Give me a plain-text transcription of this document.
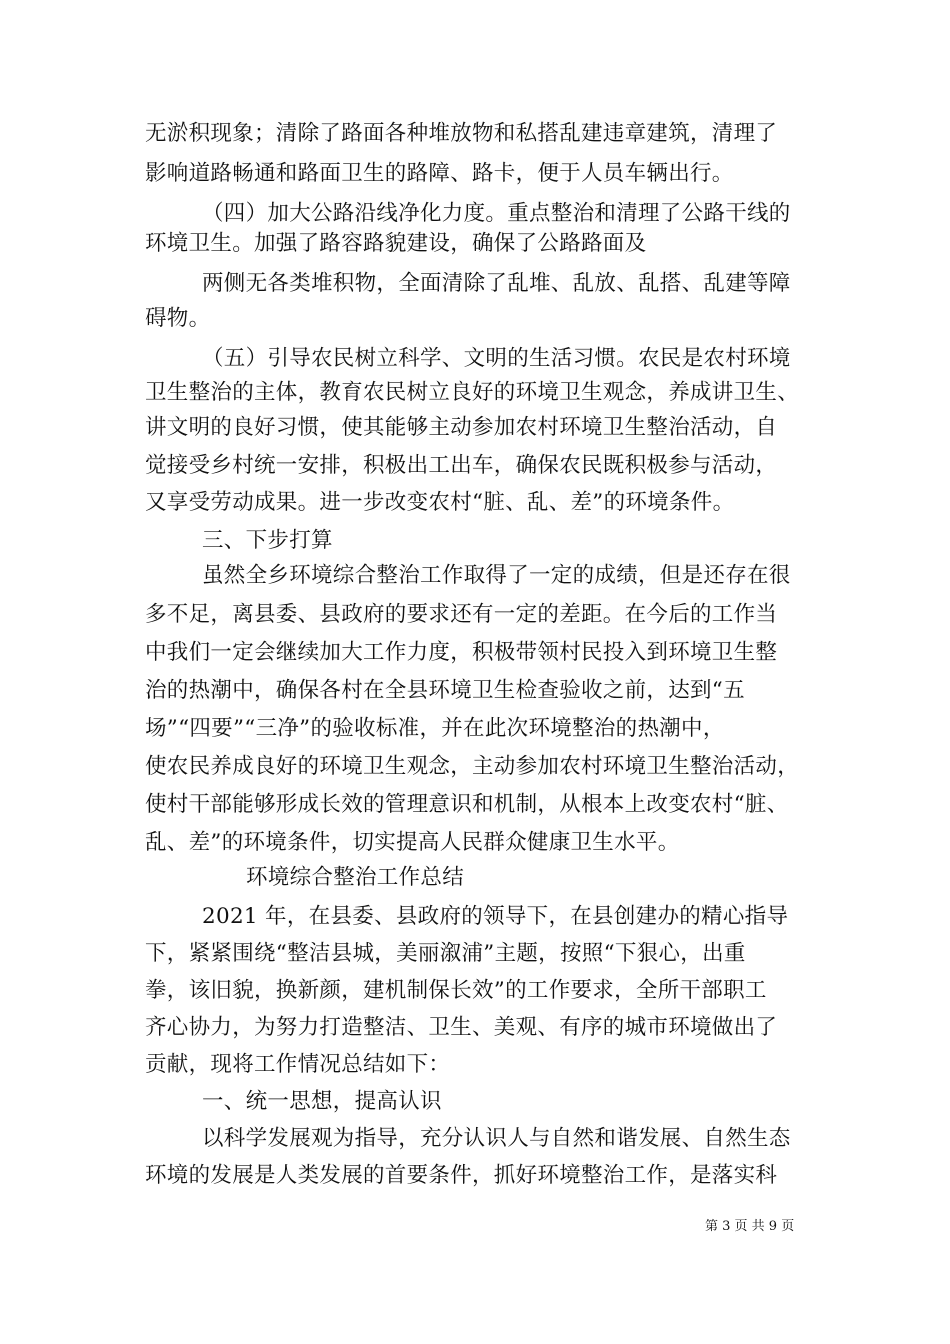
无淤积现象；清除了路面各种堆放物和私搭乱建违章建筑，清理了

影响道路畅通和路面卫生的路障、路卡，便于人员车辆出行。

（四）加大公路沿线净化力度。重点整治和清理了公路干线的

环境卫生。加强了路容路貌建设，确保了公路路面及

两侧无各类堆积物，全面清除了乱堆、乱放、乱搭、乱建等障

碍物。

（五）引导农民树立科学、文明的生活习惯。农民是农村环境

卫生整治的主体，教育农民树立良好的环境卫生观念，养成讲卫生、

讲文明的良好习惯，使其能够主动参加农村环境卫生整治活动，自

觉接受乡村统一安排，积极出工出车，确保农民既积极参与活动，

又享受劳动成果。进一步改变农村“脏、乱、差”的环境条件。

三、下步打算

虽然全乡环境综合整治工作取得了一定的成绩，但是还存在很

多不足，离县委、县政府的要求还有一定的差距。在今后的工作当

中我们一定会继续加大工作力度，积极带领村民投入到环境卫生整

治的热潮中，确保各村在全县环境卫生检查验收之前，达到“五

场”“四要”“三净”的验收标准，并在此次环境整治的热潮中，

使农民养成良好的环境卫生观念，主动参加农村环境卫生整治活动，

使村干部能够形成长效的管理意识和机制，从根本上改变农村“脏、

乱、差”的环境条件，切实提高人民群众健康卫生水平。

环境综合整治工作总结

2021 年，在县委、县政府的领导下，在县创建办的精心指导

下，紧紧围绕“整洁县城，美丽溆浦”主题，按照“下狠心，出重

拳，该旧貌，换新颜，建机制保长效”的工作要求，全所干部职工

齐心协力，为努力打造整洁、卫生、美观、有序的城市环境做出了

贡献，现将工作情况总结如下：

一、统一思想，提高认识

以科学发展观为指导，充分认识人与自然和谐发展、自然生态

环境的发展是人类发展的首要条件，抓好环境整治工作，是落实科

第 3 页 共 9 页
